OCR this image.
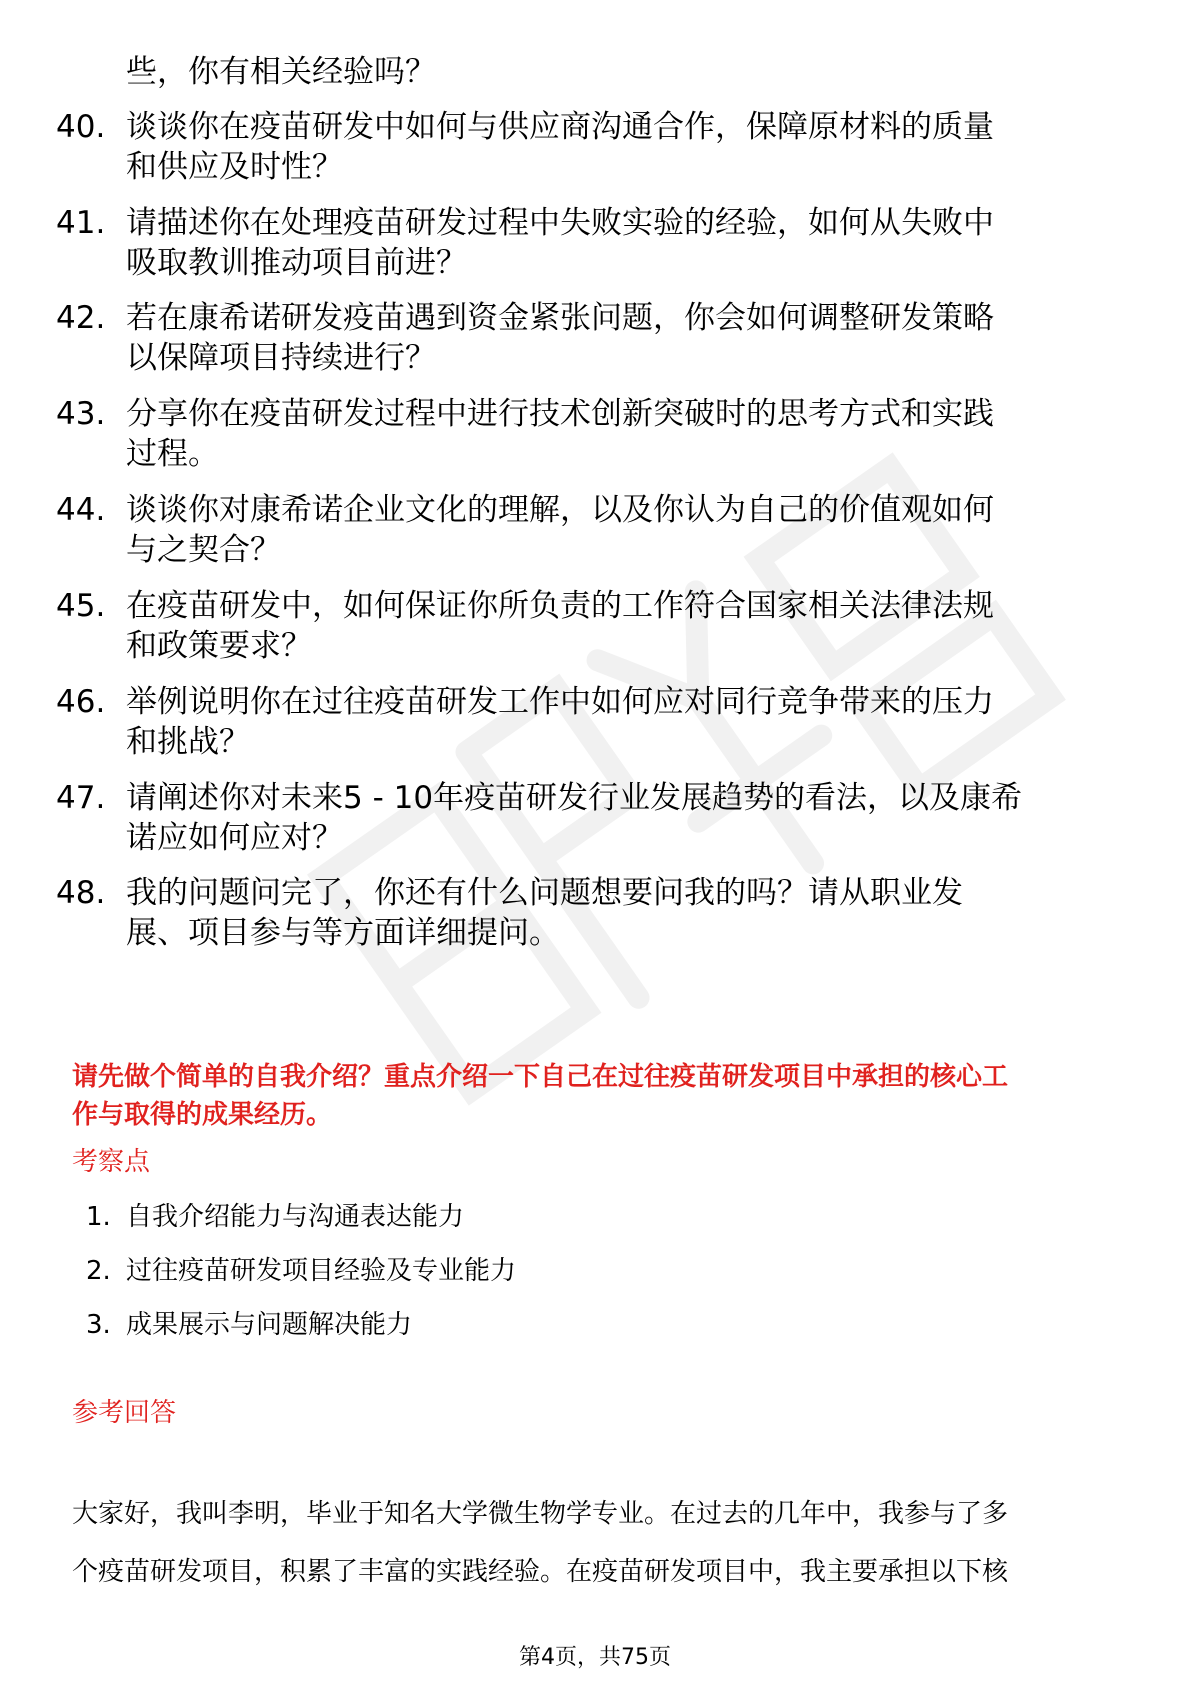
些，你有相关经验吗？
40. 谈谈你在疫苗研发中如何与供应商沟通合作，保障原材料的质量
和供应及时性？
41. 请描述你在处理疫苗研发过程中失败实验的经验，如何从失败中
吸取教训推动项目前进？
42. 若在康希诺研发疫苗遇到资金紧张问题，你会如何调整研发策略
以保障项目持续进行？
43. 分享你在疫苗研发过程中进行技术创新突破时的思考方式和实践
过程。
44. 谈谈你对康希诺企业文化的理解，以及你认为自己的价值观如何
与之契合？
45. 在疫苗研发中，如何保证你所负责的工作符合国家相关法律法规
和政策要求？
46. 举例说明你在过往疫苗研发工作中如何应对同行竞争带来的压力
和挑战？
47. 请阐述你对未来5 - 10年疫苗研发行业发展趋势的看法，以及康希
诺应如何应对？
48. 我的问题问完了，你还有什么问题想要问我的吗？请从职业发
展、项目参与等方面详细提问。
请先做个简单的自我介绍？重点介绍一下自己在过往疫苗研发项目中承担的核心工
作与取得的成果经历。
考察点
1. 自我介绍能力与沟通表达能力
2. 过往疫苗研发项目经验及专业能力
3. 成果展示与问题解决能力
参考回答
大家好，我叫李明，毕业于知名大学微生物学专业。在过去的几年中，我参与了多
个疫苗研发项目，积累了丰富的实践经验。在疫苗研发项目中，我主要承担以下核
第4页，共75页
